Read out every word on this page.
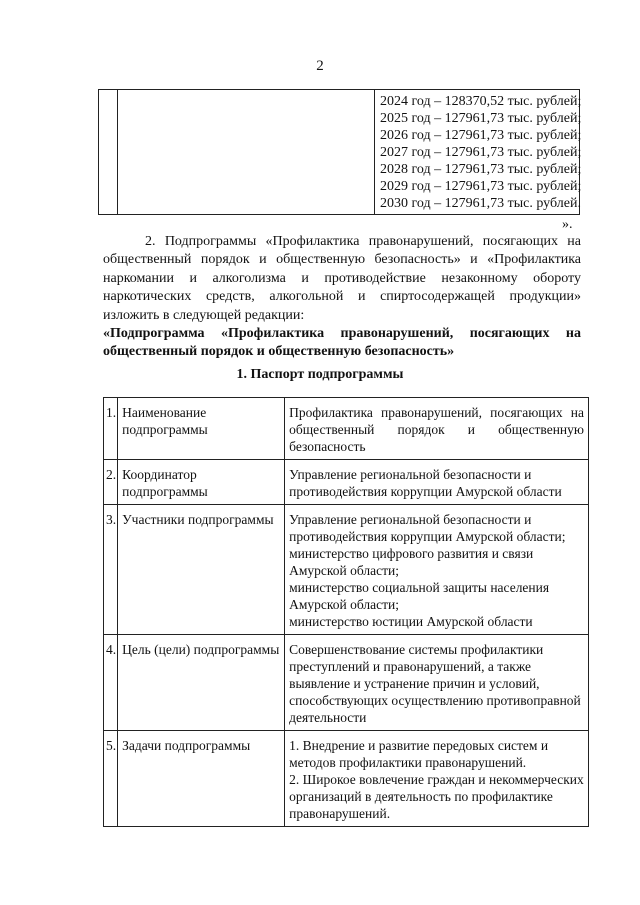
2
2024 год – 128370,52 тыс. рублей;
2025 год – 127961,73 тыс. рублей;
2026 год – 127961,73 тыс. рублей;
2027 год – 127961,73 тыс. рублей;
2028 год – 127961,73 тыс. рублей;
2029 год – 127961,73 тыс. рублей;
2030 год – 127961,73 тыс. рублей.
».

2. Подпрограммы «Профилактика правонарушений, посягающих на общественный порядок и общественную безопасность» и «Профилактика наркомании и алкоголизма и противодействие незаконному обороту наркотических средств, алкогольной и спиртосодержащей продукции» изложить в следующей редакции:

«Подпрограмма «Профилактика правонарушений, посягающих на общественный порядок и общественную безопасность»

1. Паспорт подпрограммы
1.	Наименование подпрограммы	Профилактика правонарушений, посягающих на общественный порядок и общественную безопасность

2.	Координатор подпрограммы	Управление региональной безопасности и противодействия коррупции Амурской области

3.	Участники подпрограммы	Управление региональной безопасности и противодействия коррупции Амурской области;
министерство цифрового развития и связи Амурской области;
министерство социальной защиты населения Амурской области;
министерство юстиции Амурской области

4.	Цель (цели) подпрограммы	Совершенствование системы профилактики преступлений и правонарушений, а также выявление и устранение причин и условий, способствующих осуществлению противоправной деятельности

5.	Задачи подпрограммы	1. Внедрение и развитие передовых систем и методов профилактики правонарушений.
2. Широкое вовлечение граждан и некоммерческих организаций в деятельность по профилактике правонарушений.
